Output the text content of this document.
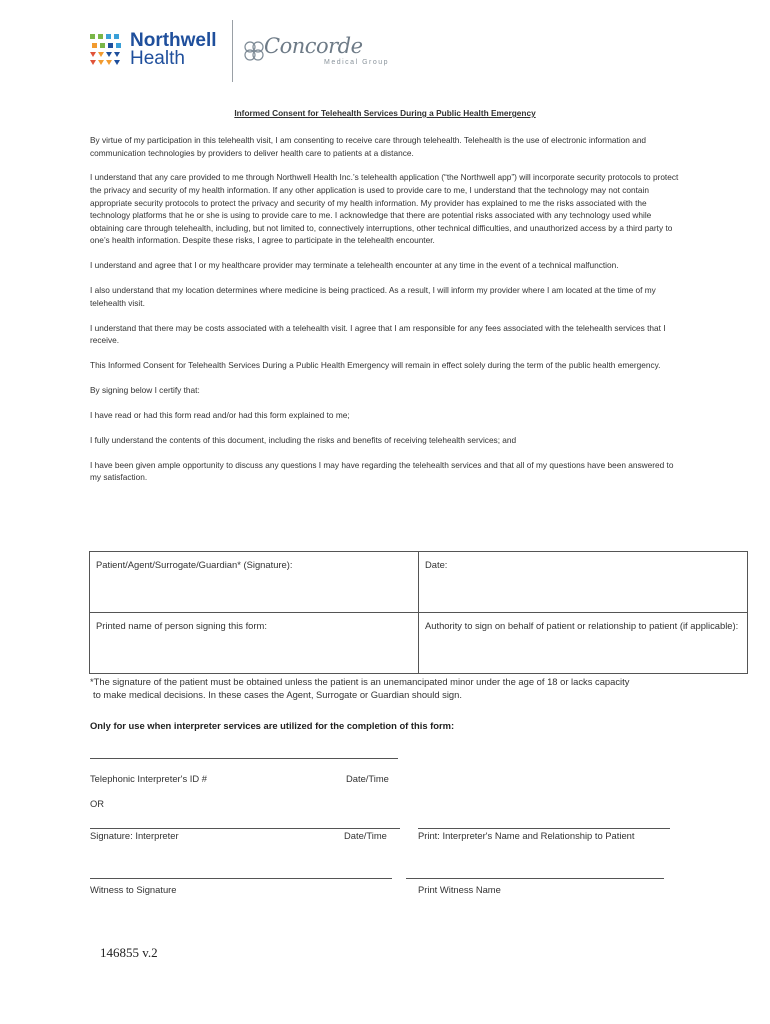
Northwell
Health
Concorde
Medical Group
Informed Consent for Telehealth Services During a Public Health Emergency

By virtue of my participation in this telehealth visit, I am consenting to receive care through telehealth. Telehealth is the use of electronic information and communication technologies by providers to deliver health care to patients at a distance.

I understand that any care provided to me through Northwell Health Inc.’s telehealth application (“the Northwell app”) will incorporate security protocols to protect the privacy and security of my health information. If any other application is used to provide care to me, I understand that the technology may not contain appropriate security protocols to protect the privacy and security of my health information. My provider has explained to me the risks associated with the technology platforms that he or she is using to provide care to me. I acknowledge that there are potential risks associated with any technology used while obtaining care through telehealth, including, but not limited to, connectively interruptions, other technical difficulties, and unauthorized access by a third party to one’s health information. Despite these risks, I agree to participate in the telehealth encounter.

I understand and agree that I or my healthcare provider may terminate a telehealth encounter at any time in the event of a technical malfunction.

I also understand that my location determines where medicine is being practiced. As a result, I will inform my provider where I am located at the time of my telehealth visit.

I understand that there may be costs associated with a telehealth visit. I agree that I am responsible for any fees associated with the telehealth services that I receive.

This Informed Consent for Telehealth Services During a Public Health Emergency will remain in effect solely during the term of the public health emergency.

By signing below I certify that:

I have read or had this form read and/or had this form explained to me;

I fully understand the contents of this document, including the risks and benefits of receiving telehealth services; and

I have been given ample opportunity to discuss any questions I may have regarding the telehealth services and that all of my questions have been answered to my satisfaction.

Patient/Agent/Surrogate/Guardian* (Signature):	Date:
Printed name of person signing this form:	Authority to sign on behalf of patient or relationship to patient (if applicable):
*The signature of the patient must be obtained unless the patient is an unemancipated minor under the age of 18 or lacks capacity
to make medical decisions. In these cases the Agent, Surrogate or Guardian should sign.
Only for use when interpreter services are utilized for the completion of this form:
Telephonic Interpreter's ID #	Date/Time
OR
Signature: Interpreter	Date/Time	Print: Interpreter's Name and Relationship to Patient
Witness to Signature	Print Witness Name
146855 v.2
